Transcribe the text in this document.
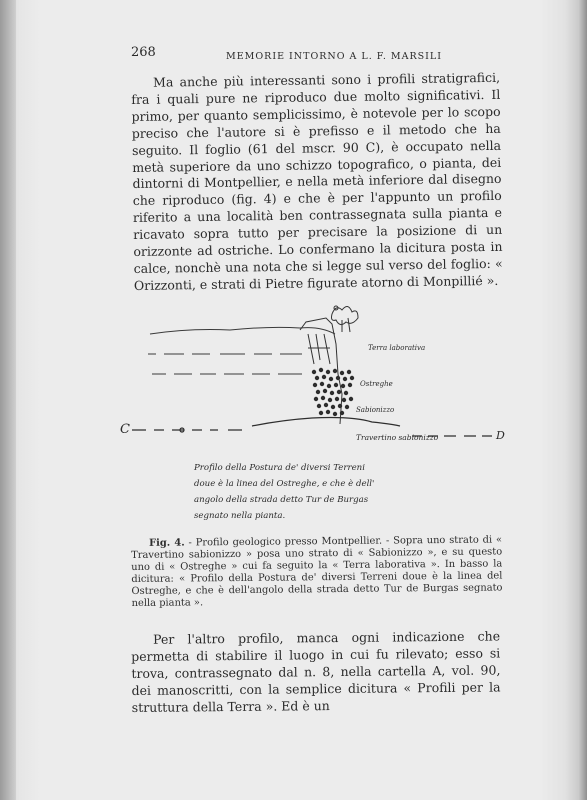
268	MEMORIE INTORNO A L. F. MARSILI
Ma anche più interessanti sono i profili stratigrafici, fra i quali pure ne riproduco due molto significativi. Il primo, per quanto semplicissimo, è notevole per lo scopo preciso che l'autore si è prefisso e il metodo che ha seguito. Il foglio (61 del mscr. 90 C), è occupato nella metà superiore da uno schizzo topografico, o pianta, dei dintorni di Montpellier, e nella metà inferiore dal disegno che riproduco (fig. 4) e che è per l'appunto un profilo riferito a una località ben contrassegnata sulla pianta e ricavato sopra tutto per precisare la posizione di un orizzonte ad ostriche. Lo confermano la dicitura posta in calce, nonchè una nota che si legge sul verso del foglio: « Orizzonti, e strati di Pietre figurate atorno di Monpillié ».
C	D
Terra laborativa
Ostreghe
Sabionizzo
Travertino sabionizzo
Profilo della Postura de' diversi Terreni
doue è la linea del Ostreghe, e che è dell'
angolo della strada detto Tur de Burgas
segnato nella pianta.
Fig. 4. - Profilo geologico presso Montpellier. - Sopra uno strato di « Travertino sabionizzo » posa uno strato di « Sabionizzo », e su questo uno di « Ostreghe » cui fa seguito la « Terra laborativa ». In basso la dicitura: « Profilo della Postura de' diversi Terreni doue è la linea del Ostreghe, e che è dell'angolo della strada detto Tur de Burgas segnato nella pianta ».
Per l'altro profilo, manca ogni indicazione che permetta di stabilire il luogo in cui fu rilevato; esso si trova, contrassegnato dal n. 8, nella cartella A, vol. 90, dei manoscritti, con la semplice dicitura « Profili per la struttura della Terra ». Ed è un
